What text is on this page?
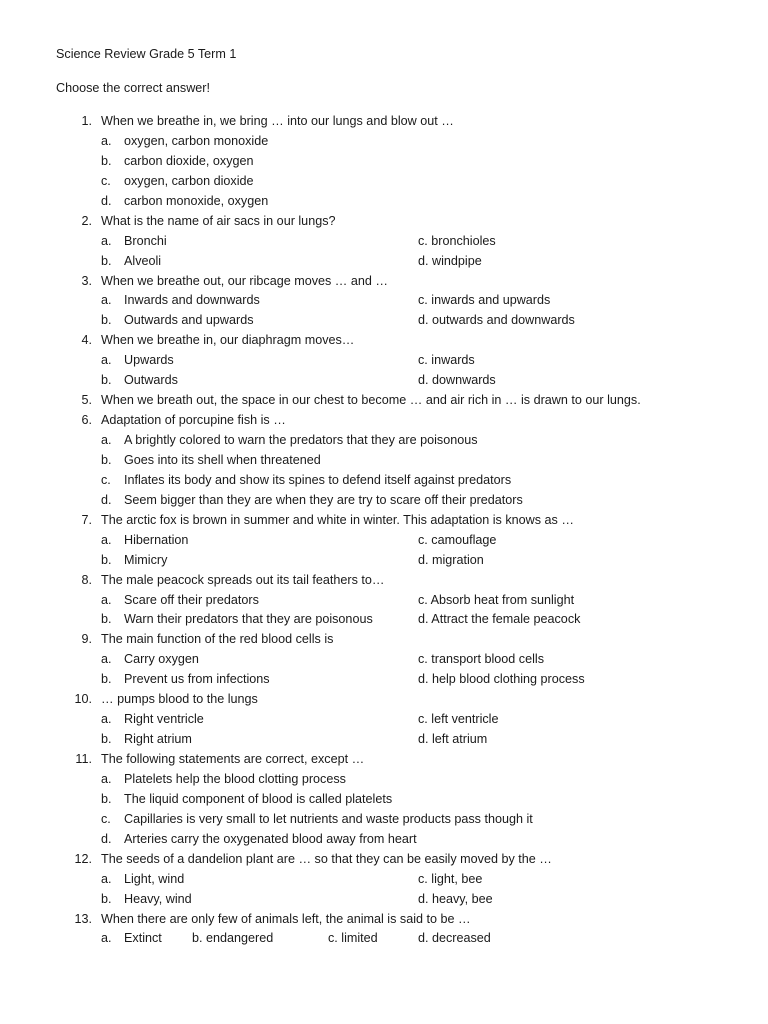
Science Review Grade 5 Term 1
Choose the correct answer!
1. When we breathe in, we bring … into our lungs and blow out …
a. oxygen, carbon monoxide
b. carbon dioxide, oxygen
c. oxygen, carbon dioxide
d. carbon monoxide, oxygen
2. What is the name of air sacs in our lungs?
a. Bronchi	c. bronchioles
b. Alveoli	d. windpipe
3. When we breathe out, our ribcage moves … and …
a. Inwards and downwards	c. inwards and upwards
b. Outwards and upwards	d. outwards and downwards
4. When we breathe in, our diaphragm moves…
a. Upwards	c. inwards
b. Outwards	d. downwards
5. When we breath out, the space in our chest to become … and air rich in … is drawn to our lungs.
6. Adaptation of porcupine fish is …
a. A brightly colored to warn the predators that they are poisonous
b. Goes into its shell when threatened
c. Inflates its body and show its spines to defend itself against predators
d. Seem bigger than they are when they are try to scare off their predators
7. The arctic fox is brown in summer and white in winter. This adaptation is knows as …
a. Hibernation	c. camouflage
b. Mimicry	d. migration
8. The male peacock spreads out its tail feathers to…
a. Scare off their predators	c. Absorb heat from sunlight
b. Warn their predators that they are poisonous	d. Attract the female peacock
9. The main function of the red blood cells is
a. Carry oxygen	c. transport blood cells
b. Prevent us from infections	d. help blood clothing process
10. … pumps blood to the lungs
a. Right ventricle	c. left ventricle
b. Right atrium	d. left atrium
11. The following statements are correct, except …
a. Platelets help the blood clotting process
b. The liquid component of blood is called platelets
c. Capillaries is very small to let nutrients and waste products pass though it
d. Arteries carry the oxygenated blood away from heart
12. The seeds of a dandelion plant are … so that they can be easily moved by the …
a. Light, wind	c. light, bee
b. Heavy, wind	d. heavy, bee
13. When there are only few of animals left, the animal is said to be …
a. Extinct b. endangered	c. limited	d. decreased
